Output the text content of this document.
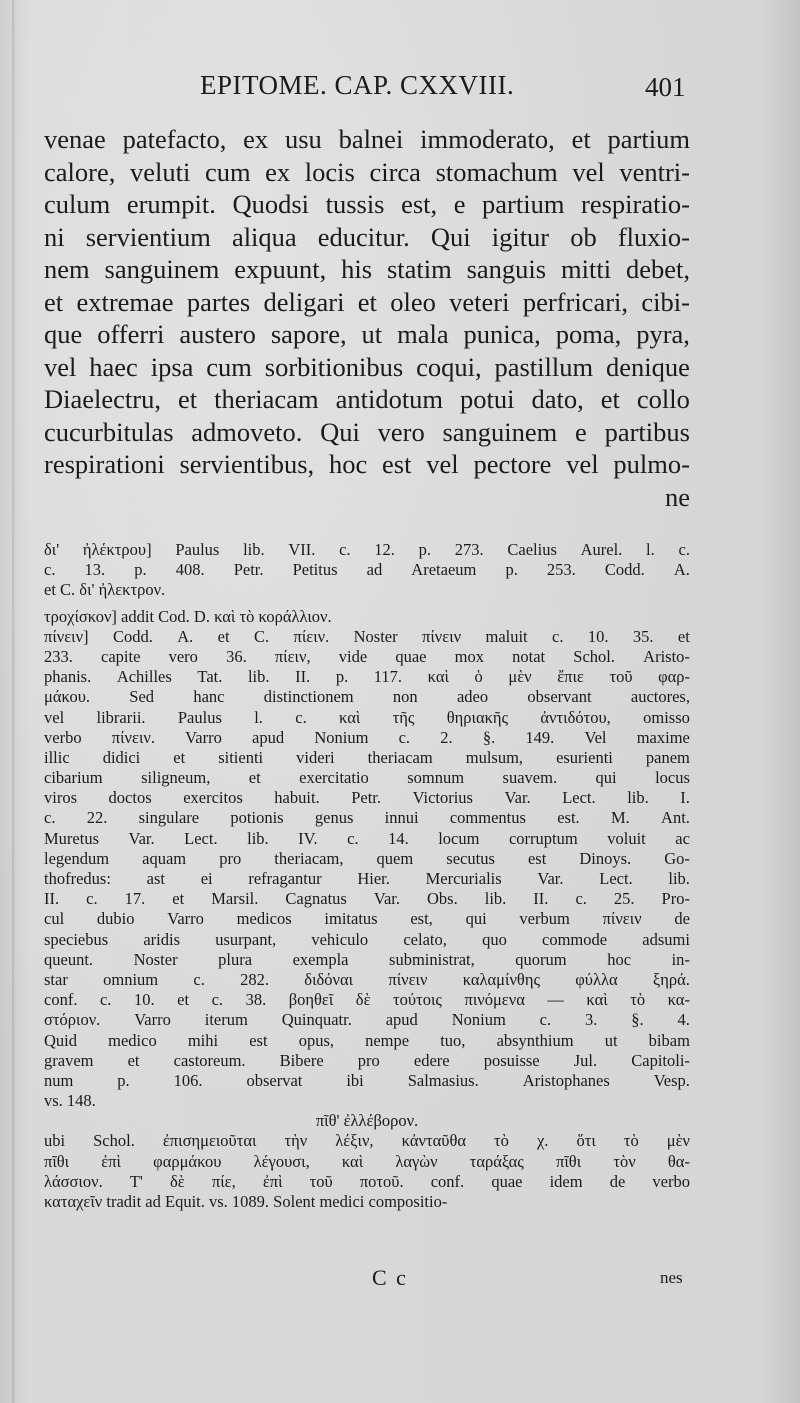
EPITOME. CAP. CXXVIII.	401
venae patefacto, ex usu balnei immoderato, et partium
calore, veluti cum ex locis circa stomachum vel ventri-
culum erumpit. Quodsi tussis est, e partium respiratio-
ni servientium aliqua educitur. Qui igitur ob fluxio-
nem sanguinem expuunt, his statim sanguis mitti debet,
et extremae partes deligari et oleo veteri perfricari, cibi-
que offerri austero sapore, ut mala punica, poma, pyra,
vel haec ipsa cum sorbitionibus coqui, pastillum denique
Diaelectru, et theriacam antidotum potui dato, et collo
cucurbitulas admoveto. Qui vero sanguinem e partibus
respirationi servientibus, hoc est vel pectore vel pulmo-
ne
δι' ἠλέκτρου] Paulus lib. VII. c. 12. p. 273. Caelius Aurel. l. c.
c. 13. p. 408. Petr. Petitus ad Aretaeum p. 253. Codd. A.
et C. δι' ἠλεκτρον.
τροχίσκον] addit Cod. D. καὶ τὸ κοράλλιον.
πίνειν] Codd. A. et C. πίειν. Noster πίνειν maluit c. 10. 35. et
233. capite vero 36. πίειν, vide quae mox notat Schol. Aristo-
phanis. Achilles Tat. lib. II. p. 117. καὶ ὁ μὲν ἔπιε τοῦ φαρ-
μάκου. Sed hanc distinctionem non adeo observant auctores,
vel librarii. Paulus l. c. καὶ τῆς θηριακῆς ἀντιδότου, omisso
verbo πίνειν. Varro apud Nonium c. 2. §. 149. Vel maxime
illic didici et sitienti videri theriacam mulsum, esurienti panem
cibarium siligneum, et exercitatio somnum suavem. qui locus
viros doctos exercitos habuit. Petr. Victorius Var. Lect. lib. I.
c. 22. singulare potionis genus innui commentus est. M. Ant.
Muretus Var. Lect. lib. IV. c. 14. locum corruptum voluit ac
legendum aquam pro theriacam, quem secutus est Dinoys. Go-
thofredus: ast ei refragantur Hier. Mercurialis Var. Lect. lib.
II. c. 17. et Marsil. Cagnatus Var. Obs. lib. II. c. 25. Pro-
cul dubio Varro medicos imitatus est, qui verbum πίνειν de
speciebus aridis usurpant, vehiculo celato, quo commode adsumi
queunt. Noster plura exempla subministrat, quorum hoc in-
star omnium c. 282. διδόναι πίνειν καλαμίνθης φύλλα ξηρά.
conf. c. 10. et c. 38. βοηθεῖ δὲ τούτοις πινόμενα — καὶ τὸ κα-
στόριον. Varro iterum Quinquatr. apud Nonium c. 3. §. 4.
Quid medico mihi est opus, nempe tuo, absynthium ut bibam
gravem et castoreum. Bibere pro edere posuisse Jul. Capitoli-
num	p.	106.	observat	ibi	Salmasius.	Aristophanes	Vesp.
vs. 148.
πῖθ' ἐλλέβορον.
ubi Schol. ἐπισημειοῦται τὴν λέξιν, κἀνταῦθα τὸ χ. ὅτι τὸ μὲν
πῖθι ἐπὶ φαρμάκου λέγουσι, καὶ λαγὼν ταράξας πῖθι τὸν θα-
λάσσιον. Τ' δὲ πίε, ἐπὶ τοῦ ποτοῦ. conf. quae idem de verbo
καταχεῖν tradit ad Equit. vs. 1089. Solent medici compositio-
C c	nes
